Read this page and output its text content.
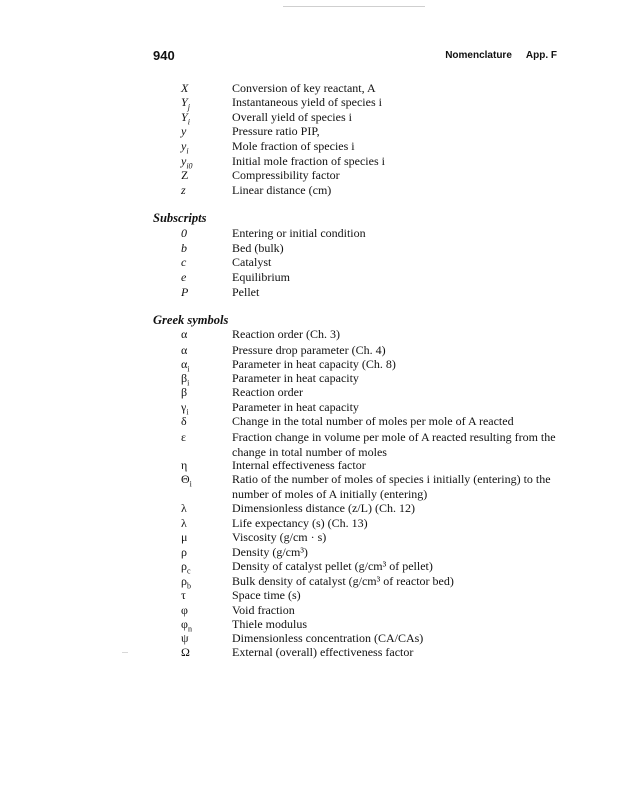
940	Nomenclature App. F
X	Conversion of key reactant, A
$Y_j$	Instantaneous yield of species i
$Y_i$	Overall yield of species i
y	Pressure ratio PIP,
$y_i$	Mole fraction of species i
$y_{i0}$	Initial mole fraction of species i
Z	Compressibility factor
z	Linear distance (cm)
Subscripts
0	Entering or initial condition
b	Bed (bulk)
c	Catalyst
e	Equilibrium
P	Pellet
Greek symbols
α	Reaction order (Ch. 3)
α	Pressure drop parameter (Ch. 4)
$\alpha_i$	Parameter in heat capacity (Ch. 8)
$\beta_i$	Parameter in heat capacity
β	Reaction order
$\gamma_i$	Parameter in heat capacity
δ	Change in the total number of moles per mole of A reacted
ε	Fraction change in volume per mole of A reacted resulting from the change in total number of moles
η	Internal effectiveness factor
$\Theta_i$	Ratio of the number of moles of species i initially (entering) to the number of moles of A initially (entering)
λ	Dimensionless distance (z/L) (Ch. 12)
λ	Life expectancy (s) (Ch. 13)
μ	Viscosity (g/cm · s)
ρ	Density (g/cm³)
$\rho_c$	Density of catalyst pellet (g/cm³ of pellet)
$\rho_b$	Bulk density of catalyst (g/cm³ of reactor bed)
τ	Space time (s)
φ	Void fraction
$\varphi_n$	Thiele modulus
ψ	Dimensionless concentration (CA/CAs)
Ω	External (overall) effectiveness factor
